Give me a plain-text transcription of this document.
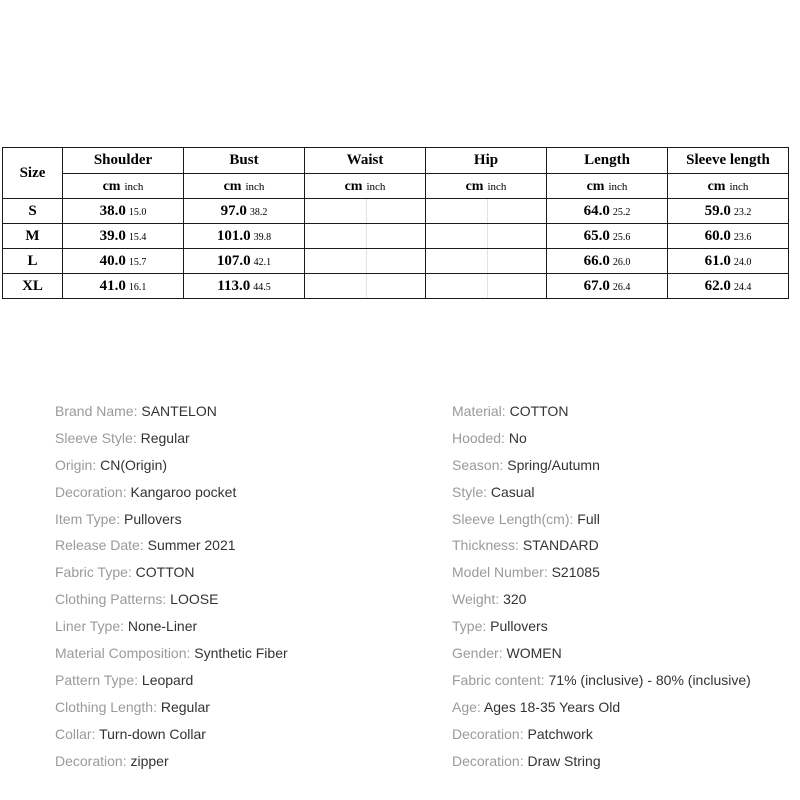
Size	Shoulder	Bust	Waist	Hip	Length	Sleeve length
	cm inch	cm inch	cm inch	cm inch	cm inch	cm inch
S	38.0 15.0	97.0 38.2			64.0 25.2	59.0 23.2
M	39.0 15.4	101.0 39.8			65.0 25.6	60.0 23.6
L	40.0 15.7	107.0 42.1			66.0 26.0	61.0 24.0
XL	41.0 16.1	113.0 44.5			67.0 26.4	62.0 24.4
Brand Name: SANTELON
Sleeve Style: Regular
Origin: CN(Origin)
Decoration: Kangaroo pocket
Item Type: Pullovers
Release Date: Summer 2021
Fabric Type: COTTON
Clothing Patterns: LOOSE
Liner Type: None-Liner
Material Composition: Synthetic Fiber
Pattern Type: Leopard
Clothing Length: Regular
Collar: Turn-down Collar
Decoration: zipper
Material: COTTON
Hooded: No
Season: Spring/Autumn
Style: Casual
Sleeve Length(cm): Full
Thickness: STANDARD
Model Number: S21085
Weight: 320
Type: Pullovers
Gender: WOMEN
Fabric content: 71% (inclusive) - 80% (inclusive)
Age: Ages 18-35 Years Old
Decoration: Patchwork
Decoration: Draw String
